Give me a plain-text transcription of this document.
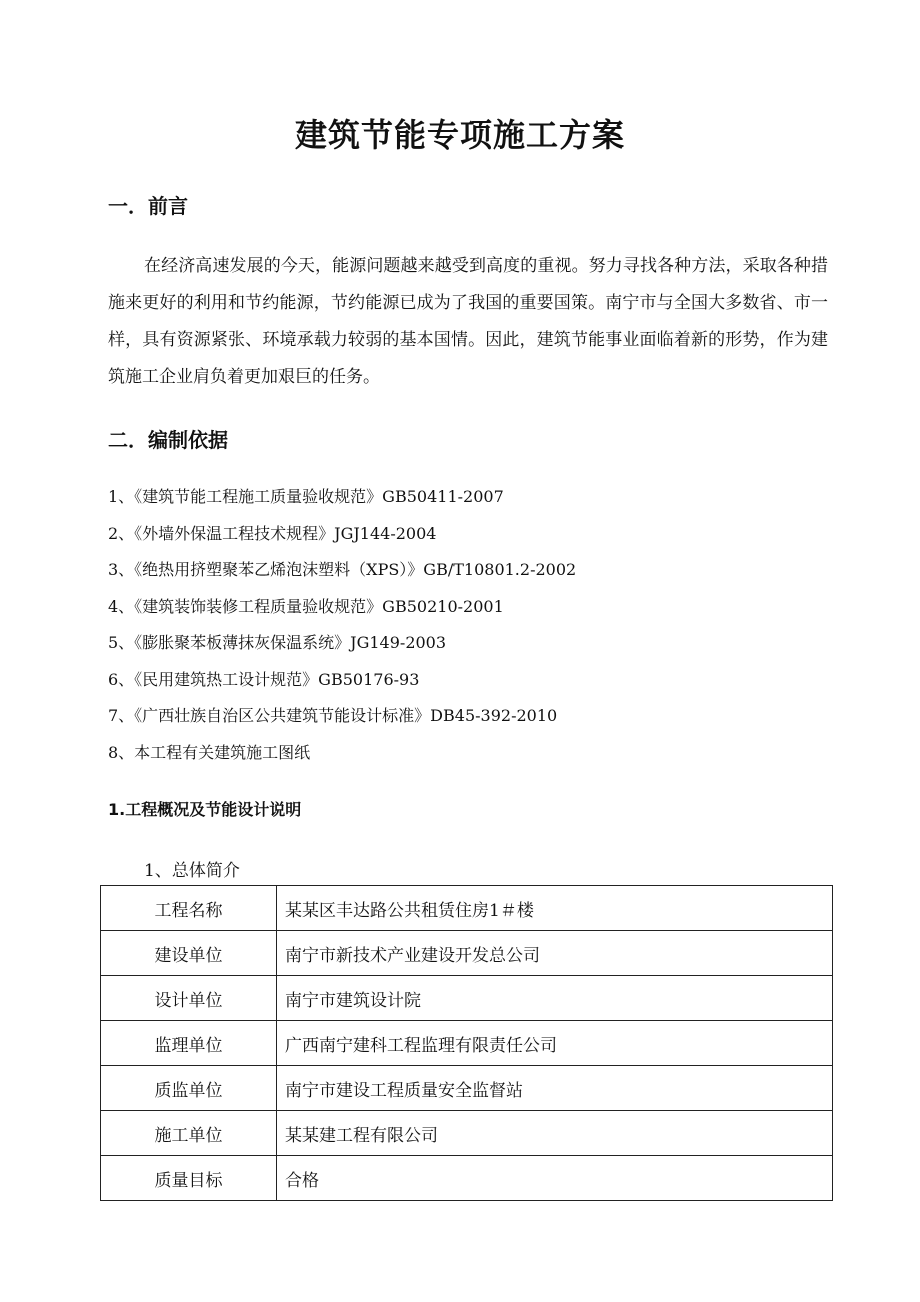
建筑节能专项施工方案
一．前言

在经济高速发展的今天，能源问题越来越受到高度的重视。努力寻找各种方法，采取各种措施来更好的利用和节约能源，节约能源已成为了我国的重要国策。南宁市与全国大多数省、市一样，具有资源紧张、环境承载力较弱的基本国情。因此，建筑节能事业面临着新的形势，作为建筑施工企业肩负着更加艰巨的任务。

二．编制依据
1、《建筑节能工程施工质量验收规范》GB50411-2007
2、《外墙外保温工程技术规程》JGJ144-2004
3、《绝热用挤塑聚苯乙烯泡沫塑料（XPS）》GB/T10801.2-2002
4、《建筑装饰装修工程质量验收规范》GB50210-2001
5、《膨胀聚苯板薄抹灰保温系统》JG149-2003
6、《民用建筑热工设计规范》GB50176-93
7、《广西壮族自治区公共建筑节能设计标准》DB45-392-2010
8、本工程有关建筑施工图纸
1.工程概况及节能设计说明

1、总体简介

工程名称	某某区丰达路公共租赁住房1＃楼
建设单位	南宁市新技术产业建设开发总公司
设计单位	南宁市建筑设计院
监理单位	广西南宁建科工程监理有限责任公司
质监单位	南宁市建设工程质量安全监督站
施工单位	某某建工程有限公司
质量目标	合格
